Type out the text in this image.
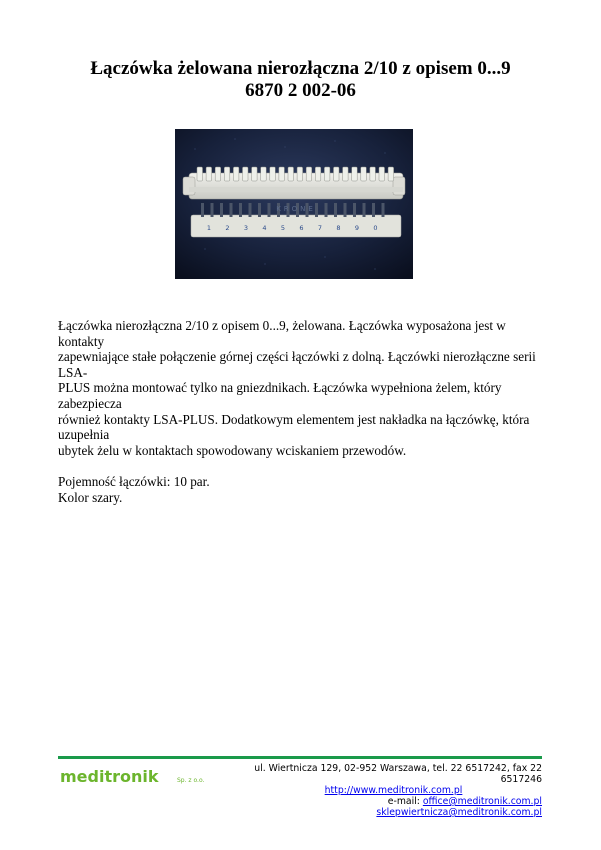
Łączówka żelowana nierozłączna 2/10 z opisem 0...9
6870 2 002-06
KRONE
1 2 3 4 5 6 7 8 9 0

Łączówka nierozłączna 2/10 z opisem 0...9, żelowana. Łączówka wyposażona jest w kontakty

zapewniające stałe połączenie górnej części łączówki z dolną. Łączówki nierozłączne serii LSA-

PLUS można montować tylko na gniezdnikach. Łączówka wypełniona żelem, który zabezpiecza

również kontakty LSA-PLUS. Dodatkowym elementem jest nakładka na łączówkę, która uzupełnia

ubytek żelu w kontaktach spowodowany wciskaniem przewodów.

Pojemność łączówki: 10 par.

Kolor szary.

meditronik	Sp. z o.o.
ul. Wiertnicza 129, 02-952 Warszawa, tel. 22 6517242, fax 22 6517246
http://www.meditronik.com.pl
e-mail: office@meditronik.com.pl sklepwiertnicza@meditronik.com.pl
